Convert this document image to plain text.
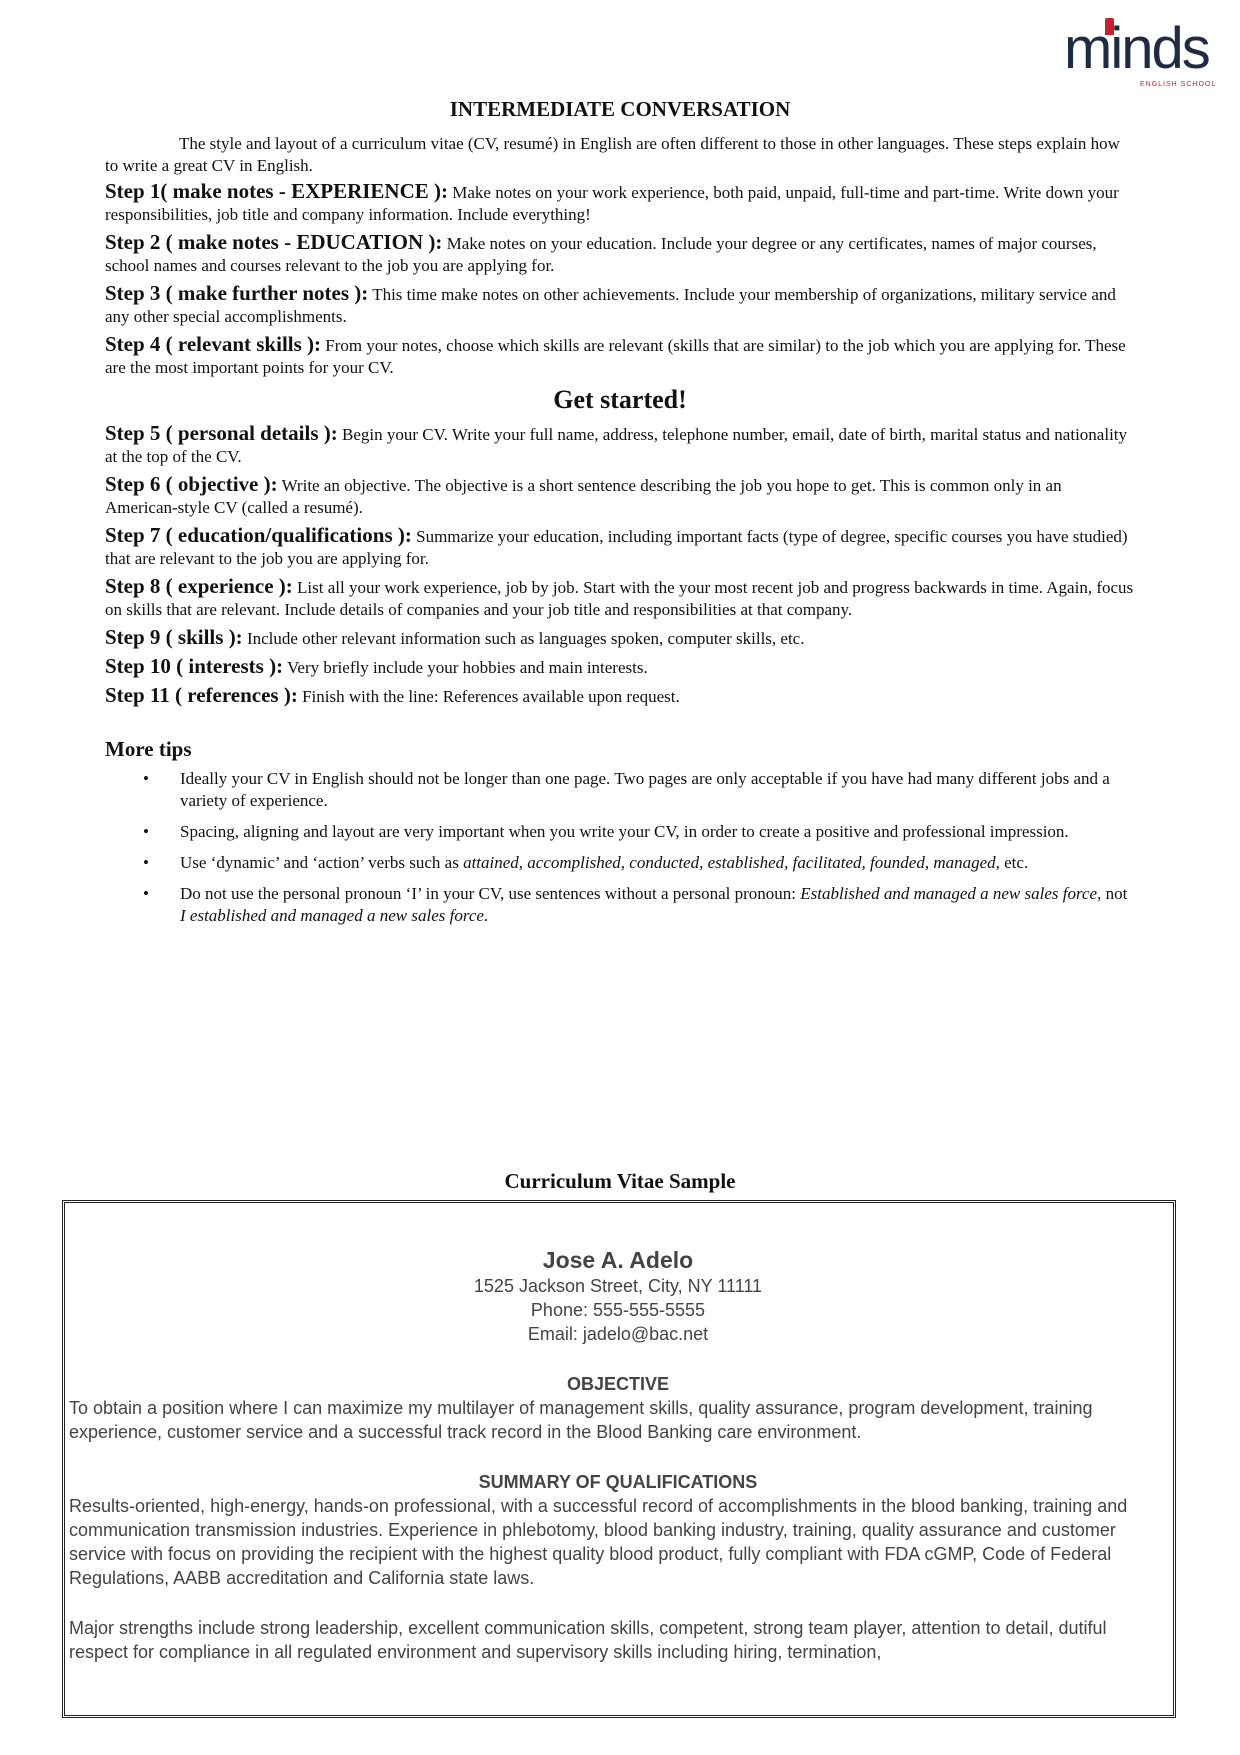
minds
ENGLISH SCHOOL
INTERMEDIATE CONVERSATION

The style and layout of a curriculum vitae (CV, resumé) in English are often different to those in other languages. These steps explain how to write a great CV in English.

Step 1( make notes - EXPERIENCE ): Make notes on your work experience, both paid, unpaid, full-time and part-time. Write down your responsibilities, job title and company information. Include everything!

Step 2 ( make notes - EDUCATION ): Make notes on your education. Include your degree or any certificates, names of major courses, school names and courses relevant to the job you are applying for.

Step 3 ( make further notes ): This time make notes on other achievements. Include your membership of organizations, military service and any other special accomplishments.

Step 4 ( relevant skills ): From your notes, choose which skills are relevant (skills that are similar) to the job which you are applying for. These are the most important points for your CV.

Get started!

Step 5 ( personal details ): Begin your CV. Write your full name, address, telephone number, email, date of birth, marital status and nationality at the top of the CV.

Step 6 ( objective ): Write an objective. The objective is a short sentence describing the job you hope to get. This is common only in an American-style CV (called a resumé).

Step 7 ( education/qualifications ): Summarize your education, including important facts (type of degree, specific courses you have studied) that are relevant to the job you are applying for.

Step 8 ( experience ): List all your work experience, job by job. Start with the your most recent job and progress backwards in time. Again, focus on skills that are relevant. Include details of companies and your job title and responsibilities at that company.

Step 9 ( skills ): Include other relevant information such as languages spoken, computer skills, etc.

Step 10 ( interests ): Very briefly include your hobbies and main interests.

Step 11 ( references ): Finish with the line: References available upon request.

More tips
• Ideally your CV in English should not be longer than one page. Two pages are only acceptable if you have had many different jobs and a variety of experience.
• Spacing, aligning and layout are very important when you write your CV, in order to create a positive and professional impression.
• Use ‘dynamic’ and ‘action’ verbs such as attained, accomplished, conducted, established, facilitated, founded, managed, etc.
• Do not use the personal pronoun ‘I’ in your CV, use sentences without a personal pronoun: Established and managed a new sales force, not I established and managed a new sales force.
Curriculum Vitae Sample
Jose A. Adelo
1525 Jackson Street, City, NY 11111
Phone: 555-555-5555
Email: jadelo@bac.net
OBJECTIVE
To obtain a position where I can maximize my multilayer of management skills, quality assurance, program development, training experience, customer service and a successful track record in the Blood Banking care environment.
SUMMARY OF QUALIFICATIONS
Results-oriented, high-energy, hands-on professional, with a successful record of accomplishments in the blood banking, training and communication transmission industries. Experience in phlebotomy, blood banking industry, training, quality assurance and customer service with focus on providing the recipient with the highest quality blood product, fully compliant with FDA cGMP, Code of Federal Regulations, AABB accreditation and California state laws.
Major strengths include strong leadership, excellent communication skills, competent, strong team player, attention to detail, dutiful respect for compliance in all regulated environment and supervisory skills including hiring, termination,
